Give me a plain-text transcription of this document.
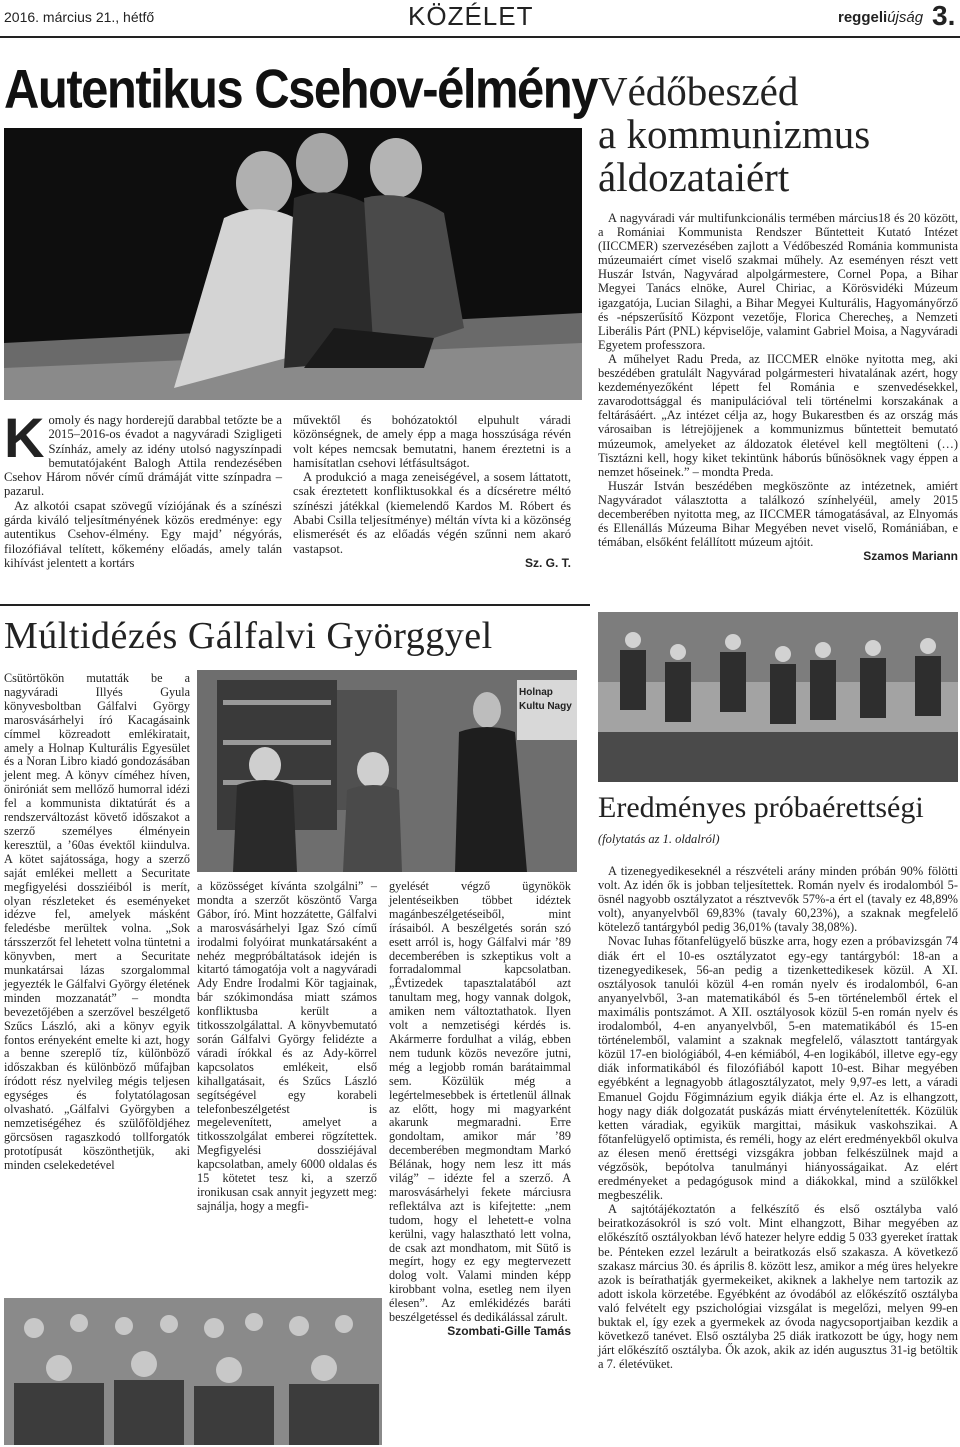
2016. március 21., hétfő	KÖZÉLET	reggeliújság 3.
Autentikus Csehov-élmény

Komoly és nagy horderejű darabbal tetőzte be a 2015–2016-os évadot a nagyváradi Szigligeti Színház, amely az idény utolsó nagyszínpadi bemutatójaként Balogh Attila rendezésében Csehov Három nővér című drámáját vitte színpadra – pazarul.

Az alkotói csapat szövegű víziójának és a színészi gárda kiváló teljesítményének közös eredménye: egy autentikus Csehov-élmény. Egy majd’ négyórás, filozófiával telített, kőkemény előadás, amely talán kihívást jelentett a kortárs

művektől és bohózatoktól elpuhult váradi közönségnek, de amely épp a maga hosszúsága révén volt képes nemcsak bemutatni, hanem éreztetni is a hamisítatlan csehovi létfásultságot.

A produkció a maga zeneiségével, a sosem láttatott, csak éreztetett konfliktusokkal és a dícséretre méltó színészi játékkal (kiemelendő Kardos M. Róbert és Ababi Csilla teljesítménye) méltán vívta ki a közönség elismerését és az előadás végén szűnni nem akaró vastapsot.

Sz. G. T.
Védőbeszéd
a kommunizmus
áldozataiért

A nagyváradi vár multifunkcionális termében március18 és 20 között, a Romániai Kommunista Rendszer Bűntetteit Kutató Intézet (IICCMER) szervezésében zajlott a Védőbeszéd Románia kommunista múzeumaiért címet viselő szakmai műhely. Az eseményen részt vett Huszár István, Nagyvárad alpolgármestere, Cornel Popa, a Bihar Megyei Tanács elnöke, Aurel Chiriac, a Körösvidéki Múzeum igazgatója, Lucian Silaghi, a Bihar Megyei Kulturális, Hagyományőrző és -népszerűsítő Központ vezetője, Florica Cherecheș, a Nemzeti Liberális Párt (PNL) képviselője, valamint Gabriel Moisa, a Nagyváradi Egyetem professzora.

A műhelyet Radu Preda, az IICCMER elnöke nyitotta meg, aki beszédében gratulált Nagyvárad polgármesteri hivatalának azért, hogy kezdeményezőként lépett fel Románia e szenvedésekkel, zavarodottsággal és manipulációval teli történelmi korszakának a feltárásáért. „Az intézet célja az, hogy Bukarestben és az ország más városaiban is létrejöjjenek a kommunizmus bűntetteit bemutató múzeumok, amelyeket az áldozatok életével kell megtölteni (…) Tisztázni kell, hogy kiket tekintünk háborús bűnösöknek vagy éppen a nemzet hőseinek.” – mondta Preda.

Huszár István beszédében megköszönte az intézetnek, amiért Nagyváradot választotta a találkozó színhelyéül, amely 2015 decemberében nyitotta meg, az IICCMER támogatásával, az Elnyomás és Ellenállás Múzeuma Bihar Megyében nevet viselő, Romániában, e témában, elsőként felállított múzeum ajtóit.

Szamos Mariann
Múltidézés Gálfalvi Györggyel

Csütörtökön mutatták be a nagyváradi Illyés Gyula könyvesboltban Gálfalvi György marosvásárhelyi író Kacagásaink címmel közreadott emlékiratait, amely a Holnap Kulturális Egyesület és a Noran Libro kiadó gondozásában jelent meg. A könyv címéhez híven, öniróniát sem mellőző humorral idézi fel a kommunista diktatúrát és a rendszerváltozást követő időszakot a szerző személyes élményein keresztül, a ’60as évektől kiindulva. A kötet sajátossága, hogy a szerző saját emlékei mellett a Securitate megfigyelési dossziéiból is merít, olyan részleteket és eseményeket idézve fel, amelyek másként feledésbe merültek volna. „Sok társszerzőt fel lehetett volna tüntetni a könyvben, mert a Securitate munkatársai lázas szorgalommal jegyezték le Gálfalvi György életének minden mozzanatát” – mondta bevezetőjében a szerzővel beszélgető Szűcs László, aki a könyv egyik fontos erényeként emelte ki azt, hogy a benne szereplő tíz, különböző időszakban és különböző műfajban íródott rész nyelvileg mégis teljesen egységes és folytatólagosan olvasható. „Gálfalvi Györgyben a nemzetiségéhez és szülőföldjéhez görcsösen ragaszkodó tollforgatók prototípusát köszönthetjük, aki minden cselekedetével

Holnap Kultu Nagy

a közösséget kívánta szolgálni” – mondta a szerzőt köszöntő Varga Gábor, író. Mint hozzátette, Gálfalvi a marosvásárhelyi Igaz Szó című irodalmi folyóirat munkatársaként a nehéz megpróbáltatások idején is kitartó támogatója volt a nagyváradi Ady Endre Irodalmi Kör tagjainak, bár szókimondása miatt számos konfliktusba került a titkosszolgálattal. A könyvbemutató során Gálfalvi György felidézte a váradi írókkal és az Ady-körrel kapcsolatos emlékeit, első kihallgatásait, és Szűcs László segítségével egy korabeli telefonbeszélgetést is megelevenített, amelyet a titkosszolgálat emberei rögzítettek. Megfigyelési dossziéjával kapcsolatban, amely 6000 oldalas és 15 kötetet tesz ki, a szerző ironikusan csak annyit jegyzett meg: sajnálja, hogy a megfi-

gyelését végző ügynökök jelentéseikben többet idéztek magánbeszélgetéseiből, mint írásaiból. A beszélgetés során szó esett arról is, hogy Gálfalvi már ’89 decemberében is szkeptikus volt a forradalommal kapcsolatban. „Évtizedek tapasztalatából azt tanultam meg, hogy vannak dolgok, amiken nem változtathatok. Ilyen volt a nemzetiségi kérdés is. Akármerre fordulhat a világ, ebben nem tudunk közös nevezőre jutni, még a legjobb román barátaimmal sem. Közülük még a legértelmesebbek is értetlenül állnak az előtt, hogy mi magyarként akarunk megmaradni. Erre gondoltam, amikor már ’89 decemberében megmondtam Markó Bélának, hogy nem lesz itt más világ” – idézte fel a szerző. A marosvásárhelyi fekete márciusra reflektálva azt is kifejtette: „nem tudom, hogy el lehetett-e volna kerülni, vagy halasztható lett volna, de csak azt mondhatom, mit Sütő is megírt, hogy ez egy megtervezett dolog volt. Valami minden képp kirobbant volna, esetleg nem ilyen élesen”. Az emlékidézés baráti beszélgetéssel és dedikálással zárult.

Szombati-Gille Tamás
Eredményes próbaérettségi
(folytatás az 1. oldalról)

A tizenegyedikeseknél a részvételi arány minden próbán 90% fölötti volt. Az idén ők is jobban teljesítettek. Román nyelv és irodalomból 5-ösnél nagyobb osztályzatot a résztvevők 57%-a ért el (tavaly ez 48,89% volt), anyanyelvből 69,83% (tavaly 60,23%), a szaknak megfelelő kötelező tantárgyból pedig 36,01% (tavaly 38,08%).

Novac Iuhas főtanfelügyelő büszke arra, hogy ezen a próbavizsgán 74 diák ért el 10-es osztályzatot egy-egy tantárgyból: 18-an a tizenegyedikesek, 56-an pedig a tizenkettedikesek közül. A XI. osztályosok tanulói közül 4-en román nyelv és irodalomból, 6-an anyanyelvből, 3-an matematikából és 5-en történelemből értek el maximális pontszámot. A XII. osztályosok közül 5-en román nyelv és irodalomból, 4-en anyanyelvből, 5-en matematikából és 15-en történelemből, valamint a szaknak megfelelő, választott tantárgyak közül 17-en biológiából, 4-en kémiából, 4-en logikából, illetve egy-egy diák informatikából és filozófiából kapott 10-est. Bihar megyében egyébként a legnagyobb átlagosztályzatot, mely 9,97-es lett, a váradi Emanuel Gojdu Főgimnázium egyik diákja érte el. Az is elhangzott, hogy nagy diák dolgozatát puskázás miatt érvénytelenítették. Közülük ketten váradiak, egyikük margittai, másikuk vaskohszikai. A főtanfelügyelő optimista, és reméli, hogy az elért eredményekből okulva az élesen menő érettségi vizsgákra jobban felkészülnek majd a végzősök, bepótolva tanulmányi hiányosságaikat. Az elért eredményeket a pedagógusok mind a diákokkal, mind a szülőkkel megbeszélik.

A sajtótájékoztatón a felkészítő és első osztályba való beiratkozásokról is szó volt. Mint elhangzott, Bihar megyében az előkészítő osztályokban lévő hatezer helyre eddig 5 033 gyereket írattak be. Pénteken ezzel lezárult a beiratkozás első szakasza. A következő szakasz március 30. és április 8. között lesz, amikor a még üres helyekre azok is beírathatják gyermekeiket, akiknek a lakhelye nem tartozik az adott iskola körzetébe. Egyébként az óvodából az előkészítő osztályba való felvételt egy pszichológiai vizsgálat is megelőzi, melyen 99-en buktak el, így ezek a gyermekek az óvoda nagycsoportjaiban kezdik a következő tanévet. Első osztályba 25 diák iratkozott be úgy, hogy nem járt előkészítő osztályba. Ők azok, akik az idén augusztus 31-ig betöltik a 7. életévüket.
